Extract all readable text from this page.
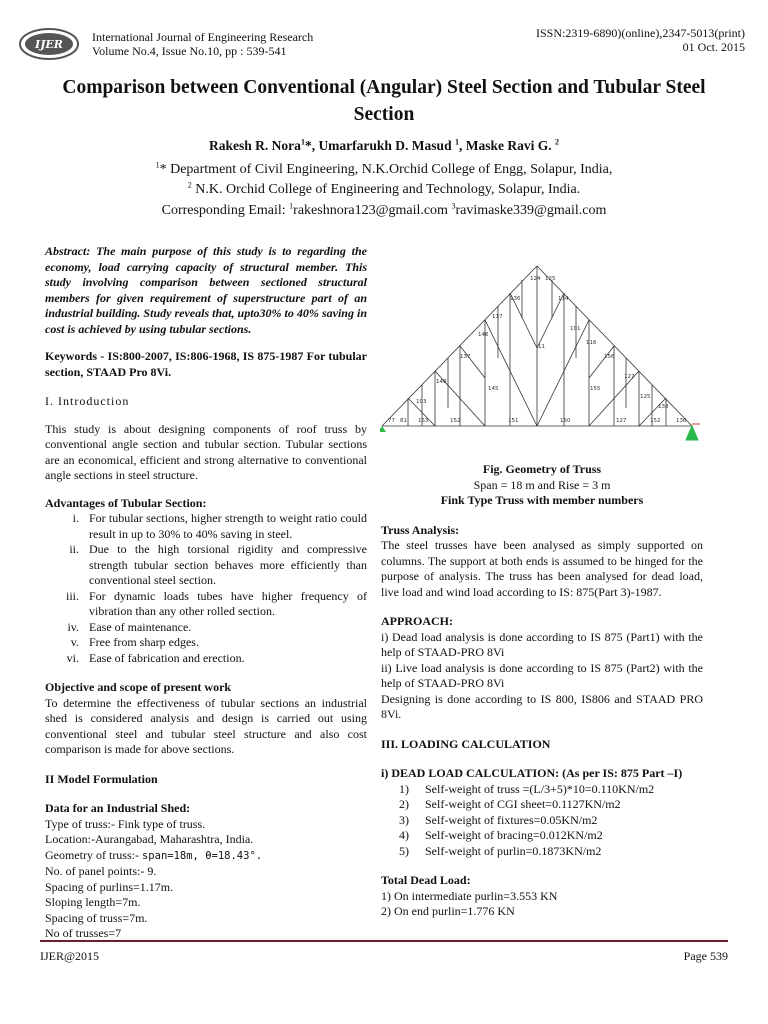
IJER
International Journal of Engineering Research
Volume No.4, Issue No.10, pp : 539-541
ISSN:2319-6890)(online),2347-5013(print)
01 Oct. 2015
Comparison between Conventional (Angular) Steel Section and Tubular Steel Section
Rakesh R. Nora$^1$*, Umarfarukh D. Masud $^1$, Maske Ravi G. $^2$
$^1$* Department of Civil Engineering, N.K.Orchid College of Engg, Solapur, India,
$^2$ N.K. Orchid College of Engineering and Technology, Solapur, India.
Corresponding Email: $^1$rakeshnora123@gmail.com $^3$ravimaske339@gmail.com

Abstract: The main purpose of this study is to regarding the economy, load carrying capacity of structural member. This study involving comparison between sectioned structural members for given requirement of superstructure part of an industrial building. Study reveals that, upto30% to 40% saving in cost is achieved by using tubular sections.

Keywords - IS:800-2007, IS:806-1968, IS 875-1987 For tubular section, STAAD Pro 8Vi.

I. Introduction

This study is about designing components of roof truss by conventional angle section and tubular section. Tubular sections are an economical, efficient and strong alternative to conventional angle sections in steel structure.

Advantages of Tubular Section:
i. For tubular sections, higher strength to weight ratio could result in up to 30% to 40% saving in steel.
ii. Due to the high torsional rigidity and compressive strength tubular section behaves more efficiently than conventional steel section.
iii. For dynamic loads tubes have higher frequency of vibration than any other rolled section.
iv. Ease of maintenance.
v. Free from sharp edges.
vi. Ease of fabrication and erection.
Objective and scope of present work

To determine the effectiveness of tubular sections an industrial shed is considered analysis and design is carried out using conventional steel and tubular steel structure and also cost comparison is made for above sections.

II Model Formulation
Data for an Industrial Shed:
Type of truss:- Fink type of truss.
Location:-Aurangabad, Maharashtra, India.
Geometry of truss:- span=18m, θ=18.43°.
No. of panel points:- 9.
Spacing of purlins=1.17m.
Sloping length=7m.
Spacing of truss=7m.
No of trusses=7
77 81 153	152	151	150	127	152	136
103
148
137
146
117
136
124 125
114
101
116
156
127
125
138
11
145	155
Fig. Geometry of Truss
Span = 18 m and Rise = 3 m
Fink Type Truss with member numbers
Truss Analysis:

The steel trusses have been analysed as simply supported on columns. The support at both ends is assumed to be hinged for the purpose of analysis. The truss has been analysed for dead load, live load and wind load according to IS: 875(Part 3)-1987.

APPROACH:

i) Dead load analysis is done according to IS 875 (Part1) with the help of STAAD-PRO 8Vi

ii) Live load analysis is done according to IS 875 (Part2) with the help of STAAD-PRO 8Vi

Designing is done according to IS 800, IS806 and STAAD PRO 8Vi.

III. LOADING CALCULATION
i) DEAD LOAD CALCULATION: (As per IS: 875 Part –I)
1)	Self-weight of truss =(L/3+5)*10=0.110KN/m2
2)	Self-weight of CGI sheet=0.1127KN/m2
3)	Self-weight of fixtures=0.05KN/m2
4)	Self-weight of bracing=0.012KN/m2
5)	Self-weight of purlin=0.1873KN/m2
Total Dead Load:
1) On intermediate purlin=3.553 KN
2) On end purlin=1.776 KN
IJER@2015	Page 539
